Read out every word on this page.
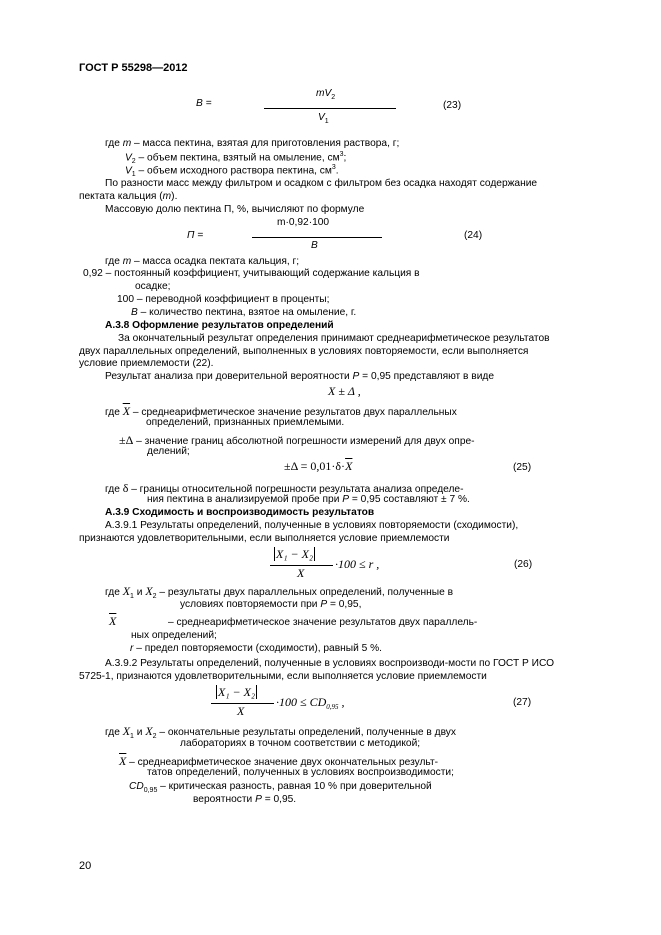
ГОСТ Р 55298—2012
B =
$mV_2$
$V_1$
(23)
где m – масса пектина, взятая для приготовления раствора, г;
$V_2$ – объем пектина, взятый на омыление, $см^3$;
$V_1$ – объем исходного раствора пектина, $см^3$.
По разности масс между фильтром и осадком с фильтром без осадка находят содержание
пектата кальция (m).
Массовую долю пектина П, %, вычисляют по формуле
П =
m·0,92·100
B
(24)
где m – масса осадка пектата кальция, г;
0,92 – постоянный коэффициент, учитывающий содержание кальция в
осадке;
100 – переводной коэффициент в проценты;
B – количество пектина, взятое на омыление, г.
А.3.8 Оформление результатов определений
За окончательный результат определения принимают среднеарифметическое результатов
двух параллельных определений, выполненных в условиях повторяемости, если выполняется
условие приемлемости (22).
Результат анализа при доверительной вероятности P = 0,95 представляют в виде
X ± Δ ,
где $\overline{X}$ – среднеарифметическое значение результатов двух параллельных
определений, признанных приемлемыми.
±Δ – значение границ абсолютной погрешности измерений для двух опре-
делений;
$\pm\Delta = 0,01\cdot\delta\cdot\overline{X}$	(25)
где δ – границы относительной погрешности результата анализа определе-
ния пектина в анализируемой пробе при P = 0,95 составляют ± 7 %.
А.3.9 Сходимость и воспроизводимость результатов
А.3.9.1 Результаты определений, полученные в условиях повторяемости (сходимости),
признаются удовлетворительными, если выполняется условие приемлемости
X₁ − X₂
$\overline{X}$
·100 ≤ r ,	(26)
где $X_1$ и $X_2$ – результаты двух параллельных определений, полученные в
условиях повторяемости при P = 0,95,
$\overline{X}$	– среднеарифметическое значение результатов двух параллель-
ных определений;
r – предел повторяемости (сходимости), равный 5 %.
А.3.9.2 Результаты определений, полученные в условиях воспроизводи-мости по ГОСТ Р ИСО
5725-1, признаются удовлетворительными, если выполняется условие приемлемости
X₁ − X₂
$\overline{X}$
$\cdot 100 \le CD_{0,95}$ ,	(27)
где $X_1$ и $X_2$ – окончательные результаты определений, полученные в двух
лабораториях в точном соответствии с методикой;
$\overline{X}$ – среднеарифметическое значение двух окончательных результ-
татов определений, полученных в условиях воспроизводимости;
$CD_{0,95}$ – критическая разность, равная 10 % при доверительной
вероятности P = 0,95.
20
